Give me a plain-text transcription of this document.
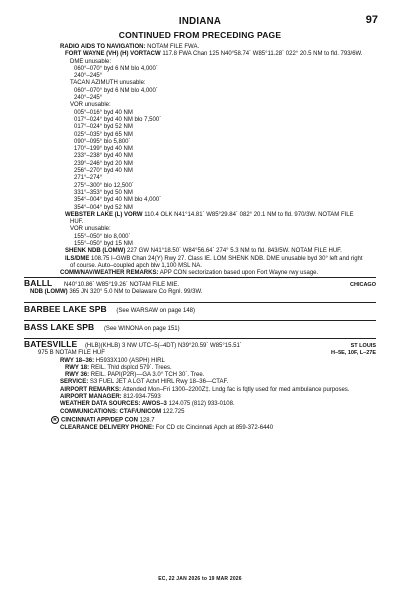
INDIANA	97
CONTINUED FROM PRECEDING PAGE
RADIO AIDS TO NAVIGATION: NOTAM FILE FWA.
FORT WAYNE (VH) (H) VORTACW 117.8 FWA Chan 125 N40°58.74´ W85°11.28´ 022° 20.5 NM to fld. 793/6W.
DME unusable:
060°–070° byd 6 NM blo 4,000´
240°–245°
TACAN AZIMUTH unusable:
060°–070° byd 6 NM blo 4,000´
240°–245°
VOR unusable:
005°–016° byd 40 NM
017°–024° byd 40 NM blo 7,500´
017°–024° byd 52 NM
025°–035° byd 65 NM
090°–095° blo 5,800´
170°–199° byd 40 NM
233°–238° byd 40 NM
239°–246° byd 20 NM
256°–270° byd 40 NM
271°–274°
275°–300° blo 12,500´
331°–353° byd 50 NM
354°–004° byd 40 NM blo 4,000´
354°–004° byd 52 NM
WEBSTER LAKE (L) VORW 110.4 OLK N41°14.81´ W85°29.84´ 082° 20.1 NM to fld. 970/3W. NOTAM FILE
HUF.
VOR unusable:
155°–050° blo 8,000´
155°–050° byd 15 NM
SHENK NDB (LOMW) 227 GW N41°18.50´ W84°56.64´ 274° 5.3 NM to fld. 843/5W. NOTAM FILE HUF.
ILS/DME 108.75 I–GWB Chan 24(Y) Rwy 27. Class IE. LOM SHENK NDB. DME unusable byd 30° left and right
of course. Auto–coupled apch blw 1,100 MSL NA.
COMM/NAV/WEATHER REMARKS: APP CON sectorization based upon Fort Wayne rwy usage.
BALLL N40°10.86´ W85°19.26´ NOTAM FILE MIE.	CHICAGO
NDB (LOMW) 365 JN 320° 5.0 NM to Delaware Co Rgnl. 99/3W.
BARBEE LAKE SPB (See WARSAW on page 148)
BASS LAKE SPB (See WINONA on page 151)
BATESVILLE (HLB)(KHLB) 3 NW UTC–5(–4DT) N39°20.59´ W85°15.51´	ST LOUIS
H–5E, 10F, L–27E
975 B NOTAM FILE HUF
RWY 18–36: H5933X100 (ASPH) HIRL
RWY 18: REIL. Thld dsplcd 579´. Trees.
RWY 36: REIL. PAPI(P2R)—GA 3.0° TCH 30´. Tree.
SERVICE: S3 FUEL JET A LGT Actvt HIRL Rwy 18–36—CTAF.
AIRPORT REMARKS: Attended Mon–Fri 1300–2200Z‡. Lndg fac is fqtly used for med ambulance purposes.
AIRPORT MANAGER: 812-934-7593
WEATHER DATA SOURCES: AWOS–3 124.075 (812) 933-0108.
COMMUNICATIONS: CTAF/UNICOM 122.725
R CINCINNATI APP/DEP CON 128.7
CLEARANCE DELIVERY PHONE: For CD ctc Cincinnati Apch at 859-372-6440
EC, 22 JAN 2026 to 19 MAR 2026
